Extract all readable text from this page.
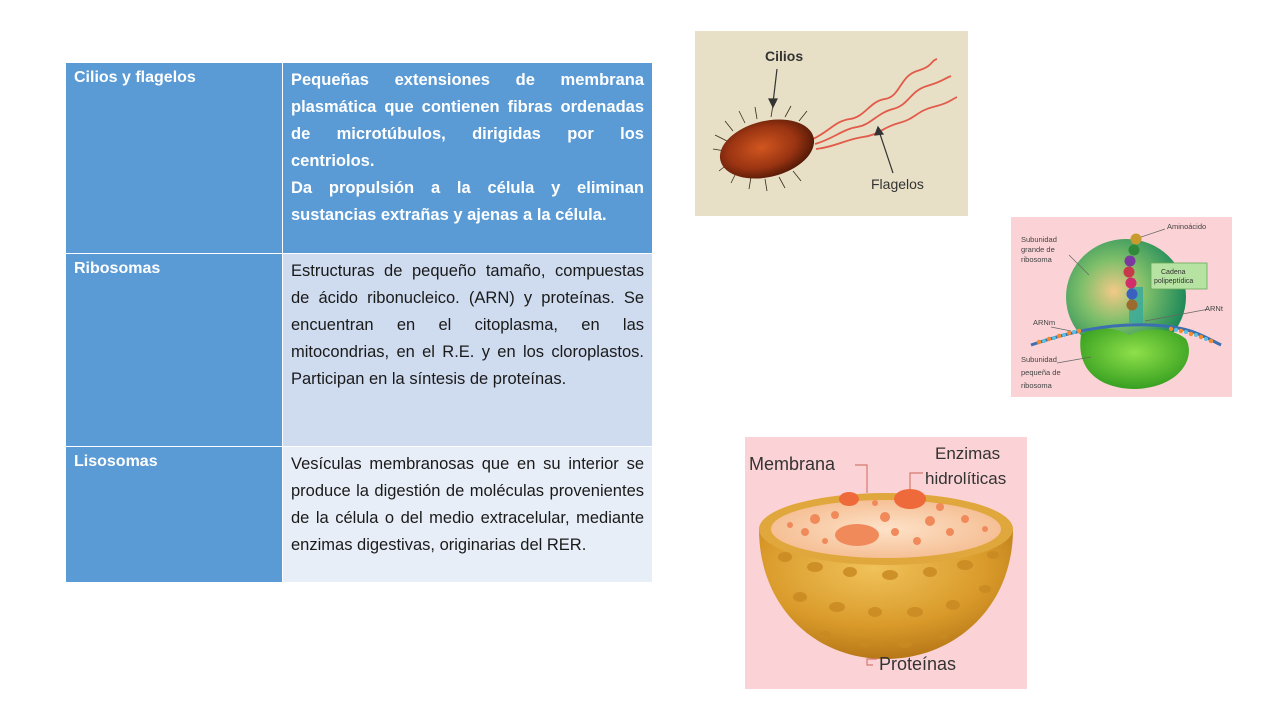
Cilios y flagelos	Pequeñas extensiones de membrana plasmática que contienen fibras ordenadas de microtúbulos, dirigidas por los centriolos.

Da propulsión a la célula y eliminan sustancias extrañas y ajenas a la célula.

Ribosomas	Estructuras de pequeño tamaño, compuestas de ácido ribonucleico. (ARN) y proteínas. Se encuentran en el citoplasma, en las mitocondrias, en el R.E. y en los cloroplastos. Participan en la síntesis de proteínas.

Lisosomas	Vesículas membranosas que en su interior se produce la digestión de moléculas provenientes de la célula o del medio extracelular, mediante enzimas digestivas, originarias del RER.

Cilios
Flagelos
Cadena
polipeptídica
Aminoácido
Subunidad
grande de
ribosoma
ARNt
ARNm
Subunidad
pequeña de
ribosoma
Membrana
Enzimas
hidrolíticas
Proteínas
